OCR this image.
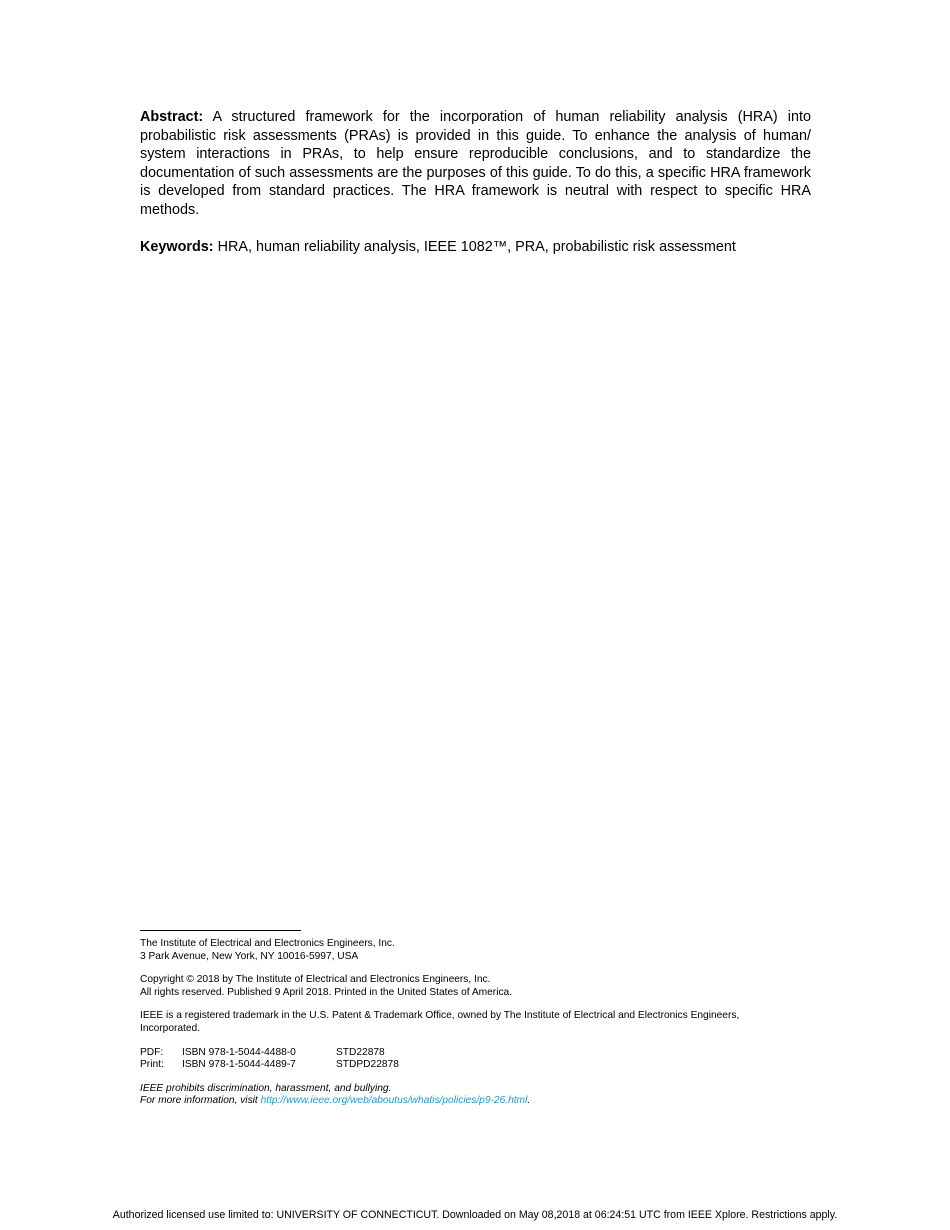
Abstract: A structured framework for the incorporation of human reliability analysis (HRA) into probabilistic risk assessments (PRAs) is provided in this guide. To enhance the analysis of human/ system interactions in PRAs, to help ensure reproducible conclusions, and to standardize the documentation of such assessments are the purposes of this guide. To do this, a specific HRA framework is developed from standard practices. The HRA framework is neutral with respect to specific HRA methods.

Keywords: HRA, human reliability analysis, IEEE 1082™, PRA, probabilistic risk assessment

The Institute of Electrical and Electronics Engineers, Inc.
3 Park Avenue, New York, NY 10016-5997, USA
Copyright © 2018 by The Institute of Electrical and Electronics Engineers, Inc.
All rights reserved. Published 9 April 2018. Printed in the United States of America.
IEEE is a registered trademark in the U.S. Patent & Trademark Office, owned by The Institute of Electrical and Electronics Engineers,
Incorporated.
PDF: ISBN 978-1-5044-4488-0	STD22878
Print: ISBN 978-1-5044-4489-7	STDPD22878
IEEE prohibits discrimination, harassment, and bullying.
For more information, visit http://www.ieee.org/web/aboutus/whatis/policies/p9-26.html.
Authorized licensed use limited to: UNIVERSITY OF CONNECTICUT. Downloaded on May 08,2018 at 06:24:51 UTC from IEEE Xplore. Restrictions apply.
